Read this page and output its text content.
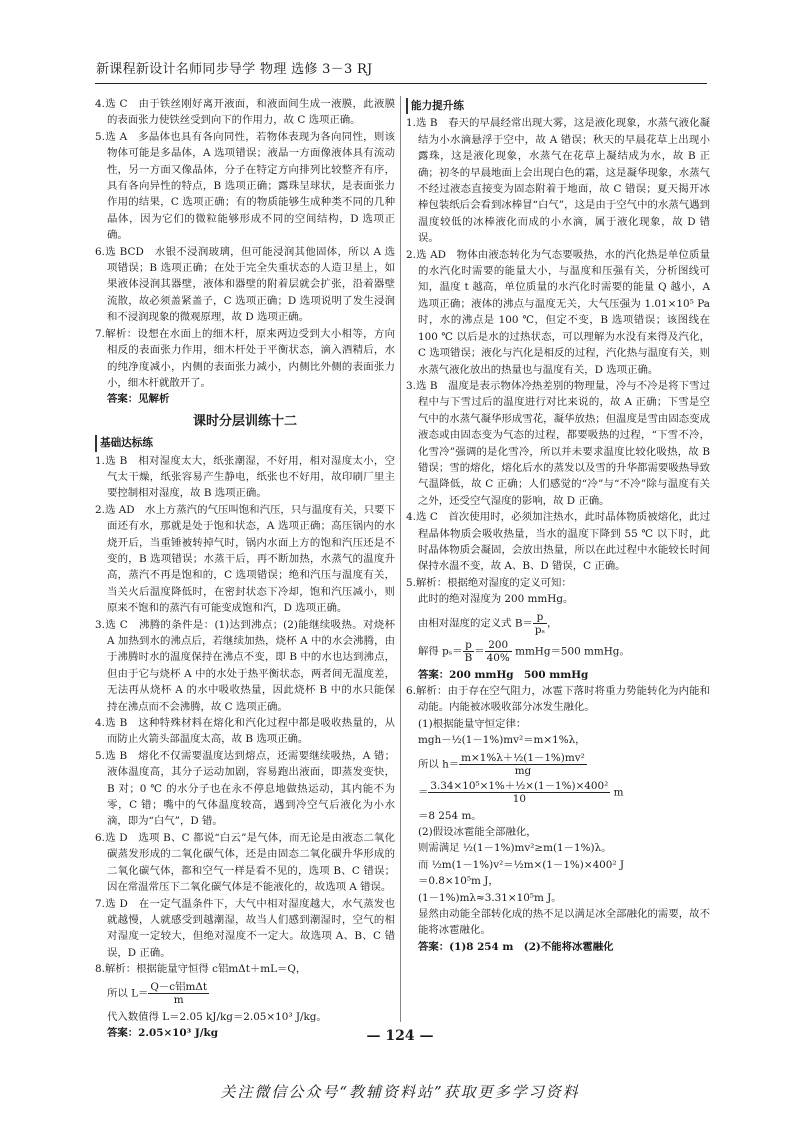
新课程新设计名师同步导学 物理 选修 3－3 RJ

4.选 C　由于铁丝刚好离开液面，和液面间生成一液膜，此液膜的表面张力使铁丝受到向下的作用力，故 C 选项正确。

5.选 A　多晶体也具有各向同性，若物体表现为各向同性，则该物体可能是多晶体，A 选项错误；液晶一方面像液体具有流动性，另一方面又像晶体，分子在特定方向排列比较整齐有序，具有各向异性的特点，B 选项正确；露珠呈球状，是表面张力作用的结果，C 选项正确；有的物质能够生成种类不同的几种晶体，因为它们的微粒能够形成不同的空间结构，D 选项正确。

6.选 BCD　水银不浸润玻璃，但可能浸润其他固体，所以 A 选项错误；B 选项正确；在处于完全失重状态的人造卫星上，如果液体浸润其器壁，液体和器壁的附着层就会扩张，沿着器壁流散，故必须盖紧盖子，C 选项正确；D 选项说明了发生浸润和不浸润现象的微观原理，故 D 选项正确。

7.解析：设想在水面上的细木杆，原来两边受到大小相等，方向相反的表面张力作用，细木杆处于平衡状态，滴入酒精后，水的纯净度减小，内侧的表面张力减小，内侧比外侧的表面张力小，细木杆就散开了。

答案：见解析

课时分层训练十二
基础达标练

1.选 B　相对湿度太大，纸张潮湿，不好用，相对湿度太小，空气太干燥，纸张容易产生静电，纸张也不好用，故印刷厂里主要控制相对湿度，故 B 选项正确。

2.选 AD　水上方蒸汽的气压叫饱和汽压，只与温度有关，只要下面还有水，那就是处于饱和状态，A 选项正确；高压锅内的水烧开后，当重锤被转掉气时，锅内水面上方的饱和汽压还是不变的，B 选项错误；水蒸干后，再不断加热，水蒸气的温度升高，蒸汽不再是饱和的，C 选项错误；绝和汽压与温度有关，当关火后温度降低时，在密封状态下冷却，饱和汽压减小，则原来不饱和的蒸汽有可能变成饱和汽，D 选项正确。

3.选 C　沸腾的条件是：(1)达到沸点；(2)能继续吸热。对烧杯 A 加热到水的沸点后，若继续加热，烧杯 A 中的水会沸腾，由于沸腾时水的温度保持在沸点不变，即 B 中的水也达到沸点，但由于它与烧杯 A 中的水处于热平衡状态，两者间无温度差，无法再从烧杯 A 的水中吸收热量，因此烧杯 B 中的水只能保持在沸点而不会沸腾，故 C 选项正确。

4.选 B　这种特殊材料在熔化和汽化过程中都是吸收热量的，从而防止火箭头部温度太高，故 B 选项正确。

5.选 B　熔化不仅需要温度达到熔点，还需要继续吸热，A 错；液体温度高，其分子运动加剧，容易跑出液面，即蒸发变快，B 对；0 ℃ 的水分子也在永不停息地做热运动，其内能不为零，C 错；嘴中的气体温度较高，遇到冷空气后液化为小水滴，即为“白气”，D 错。

6.选 D　选项 B、C 都说“白云”是气体，而无论是由液态二氧化碳蒸发形成的二氧化碳气体，还是由固态二氧化碳升华形成的二氧化碳气体，都和空气一样是看不见的，选项 B、C 错误；因在常温常压下二氧化碳气体是不能液化的，故选项 A 错误。

7.选 D　在一定气温条件下，大气中相对湿度越大，水气蒸发也就越慢，人就感受到越潮湿，故当人们感到潮湿时，空气的相对湿度一定较大，但绝对湿度不一定大。故选项 A、B、C 错误，D 正确。

8.解析：根据能量守恒得 c铝mΔt＋mL＝Q，

所以 $L= \frac{\text{Q－c铝mΔt}}{m}$

代入数值得 L＝2.05 kJ/kg＝2.05×10³ J/kg。

答案：2.05×10³ J/kg

能力提升练

1.选 B　春天的早晨经常出现大雾，这是液化现象，水蒸气液化凝结为小水滴悬浮于空中，故 A 错误；秋天的早晨花草上出现小露珠，这是液化现象，水蒸气在花草上凝结成为水，故 B 正确；初冬的早晨地面上会出现白色的霜，这是凝华现象，水蒸气不经过液态直接变为固态附着于地面，故 C 错误；夏天揭开冰棒包装纸后会看到冰棒冒“白气”，这是由于空气中的水蒸气遇到温度较低的冰棒液化而成的小水滴，属于液化现象，故 D 错误。

2.选 AD　物体由液态转化为气态要吸热，水的汽化热是单位质量的水汽化时需要的能量大小，与温度和压强有关，分析图线可知，温度 t 越高，单位质量的水汽化时需要的能量 Q 越小，A 选项正确；液体的沸点与温度无关，大气压强为 1.01×10⁵ Pa 时，水的沸点是 100 ℃，但定不变，B 选项错误；该图线在 100 ℃ 以后是水的过热状态，可以理解为水没有来得及汽化，C 选项错误；液化与汽化是相反的过程，汽化热与温度有关，则水蒸气液化放出的热量也与温度有关，D 选项正确。

3.选 B　温度是表示物体冷热差别的物理量，冷与不冷是将下雪过程中与下雪过后的温度进行对比来说的，故 A 正确；下雪是空气中的水蒸气凝华形成雪花，凝华放热；但温度是雪由固态变成液态或由固态变为气态的过程，都要吸热的过程，“下雪不冷，化雪冷”强调的是化雪冷，所以并未要求温度比较化吸热，故 B 错误；雪的熔化，熔化后水的蒸发以及雪的升华都需要吸热导致气温降低，故 C 正确；人们感觉的“冷”与“不冷”除与温度有关之外，还受空气湿度的影响，故 D 正确。

4.选 C　首次使用时，必须加注热水，此时晶体物质被熔化，此过程晶体物质会吸收热量，当水的温度下降到 55 ℃ 以下时，此时晶体物质会凝固，会放出热量，所以在此过程中水能较长时间保持水温不变，故 A、B、D 错误，C 正确。

5.解析：根据绝对湿度的定义可知：

此时的绝对湿度为 200 mmHg。

由相对湿度的定义式 $B= \frac{p}{\text{pₛ}}$ ，
解得 $p_s= \frac{p}{B} = \frac{200}{40\%}$ mmHg＝500 mmHg。

答案：200 mmHg　500 mmHg

6.解析：由于存在空气阻力，冰雹下落时将重力势能转化为内能和动能。内能被冰吸收部分冰发生融化。

(1)根据能量守恒定律：

mgh－½(1－1%)mv²＝m×1%λ，

所以 $h= \frac{\text{m×1\%λ＋½(1－1\%)mv²}}{mg}$
＝ $\frac{\text{3.34×10⁵×1\%＋½×(1－1\%)×400²}}{10}$ m

＝8 254 m。

(2)假设冰雹能全部融化，

则需满足 ½(1－1%)mv²≥m(1－1%)λ。

而 ½m(1－1%)v²＝½m×(1－1%)×400² J

＝0.8×10⁵m J，

(1－1%)mλ≈3.31×10⁵m J。

显然由动能全部转化成的热不足以满足冰全部融化的需要，故不能将冰雹融化。

答案：(1)8 254 m　(2)不能将冰雹融化

— 124 —
关注微信公众号“教辅资料站”获取更多学习资料
